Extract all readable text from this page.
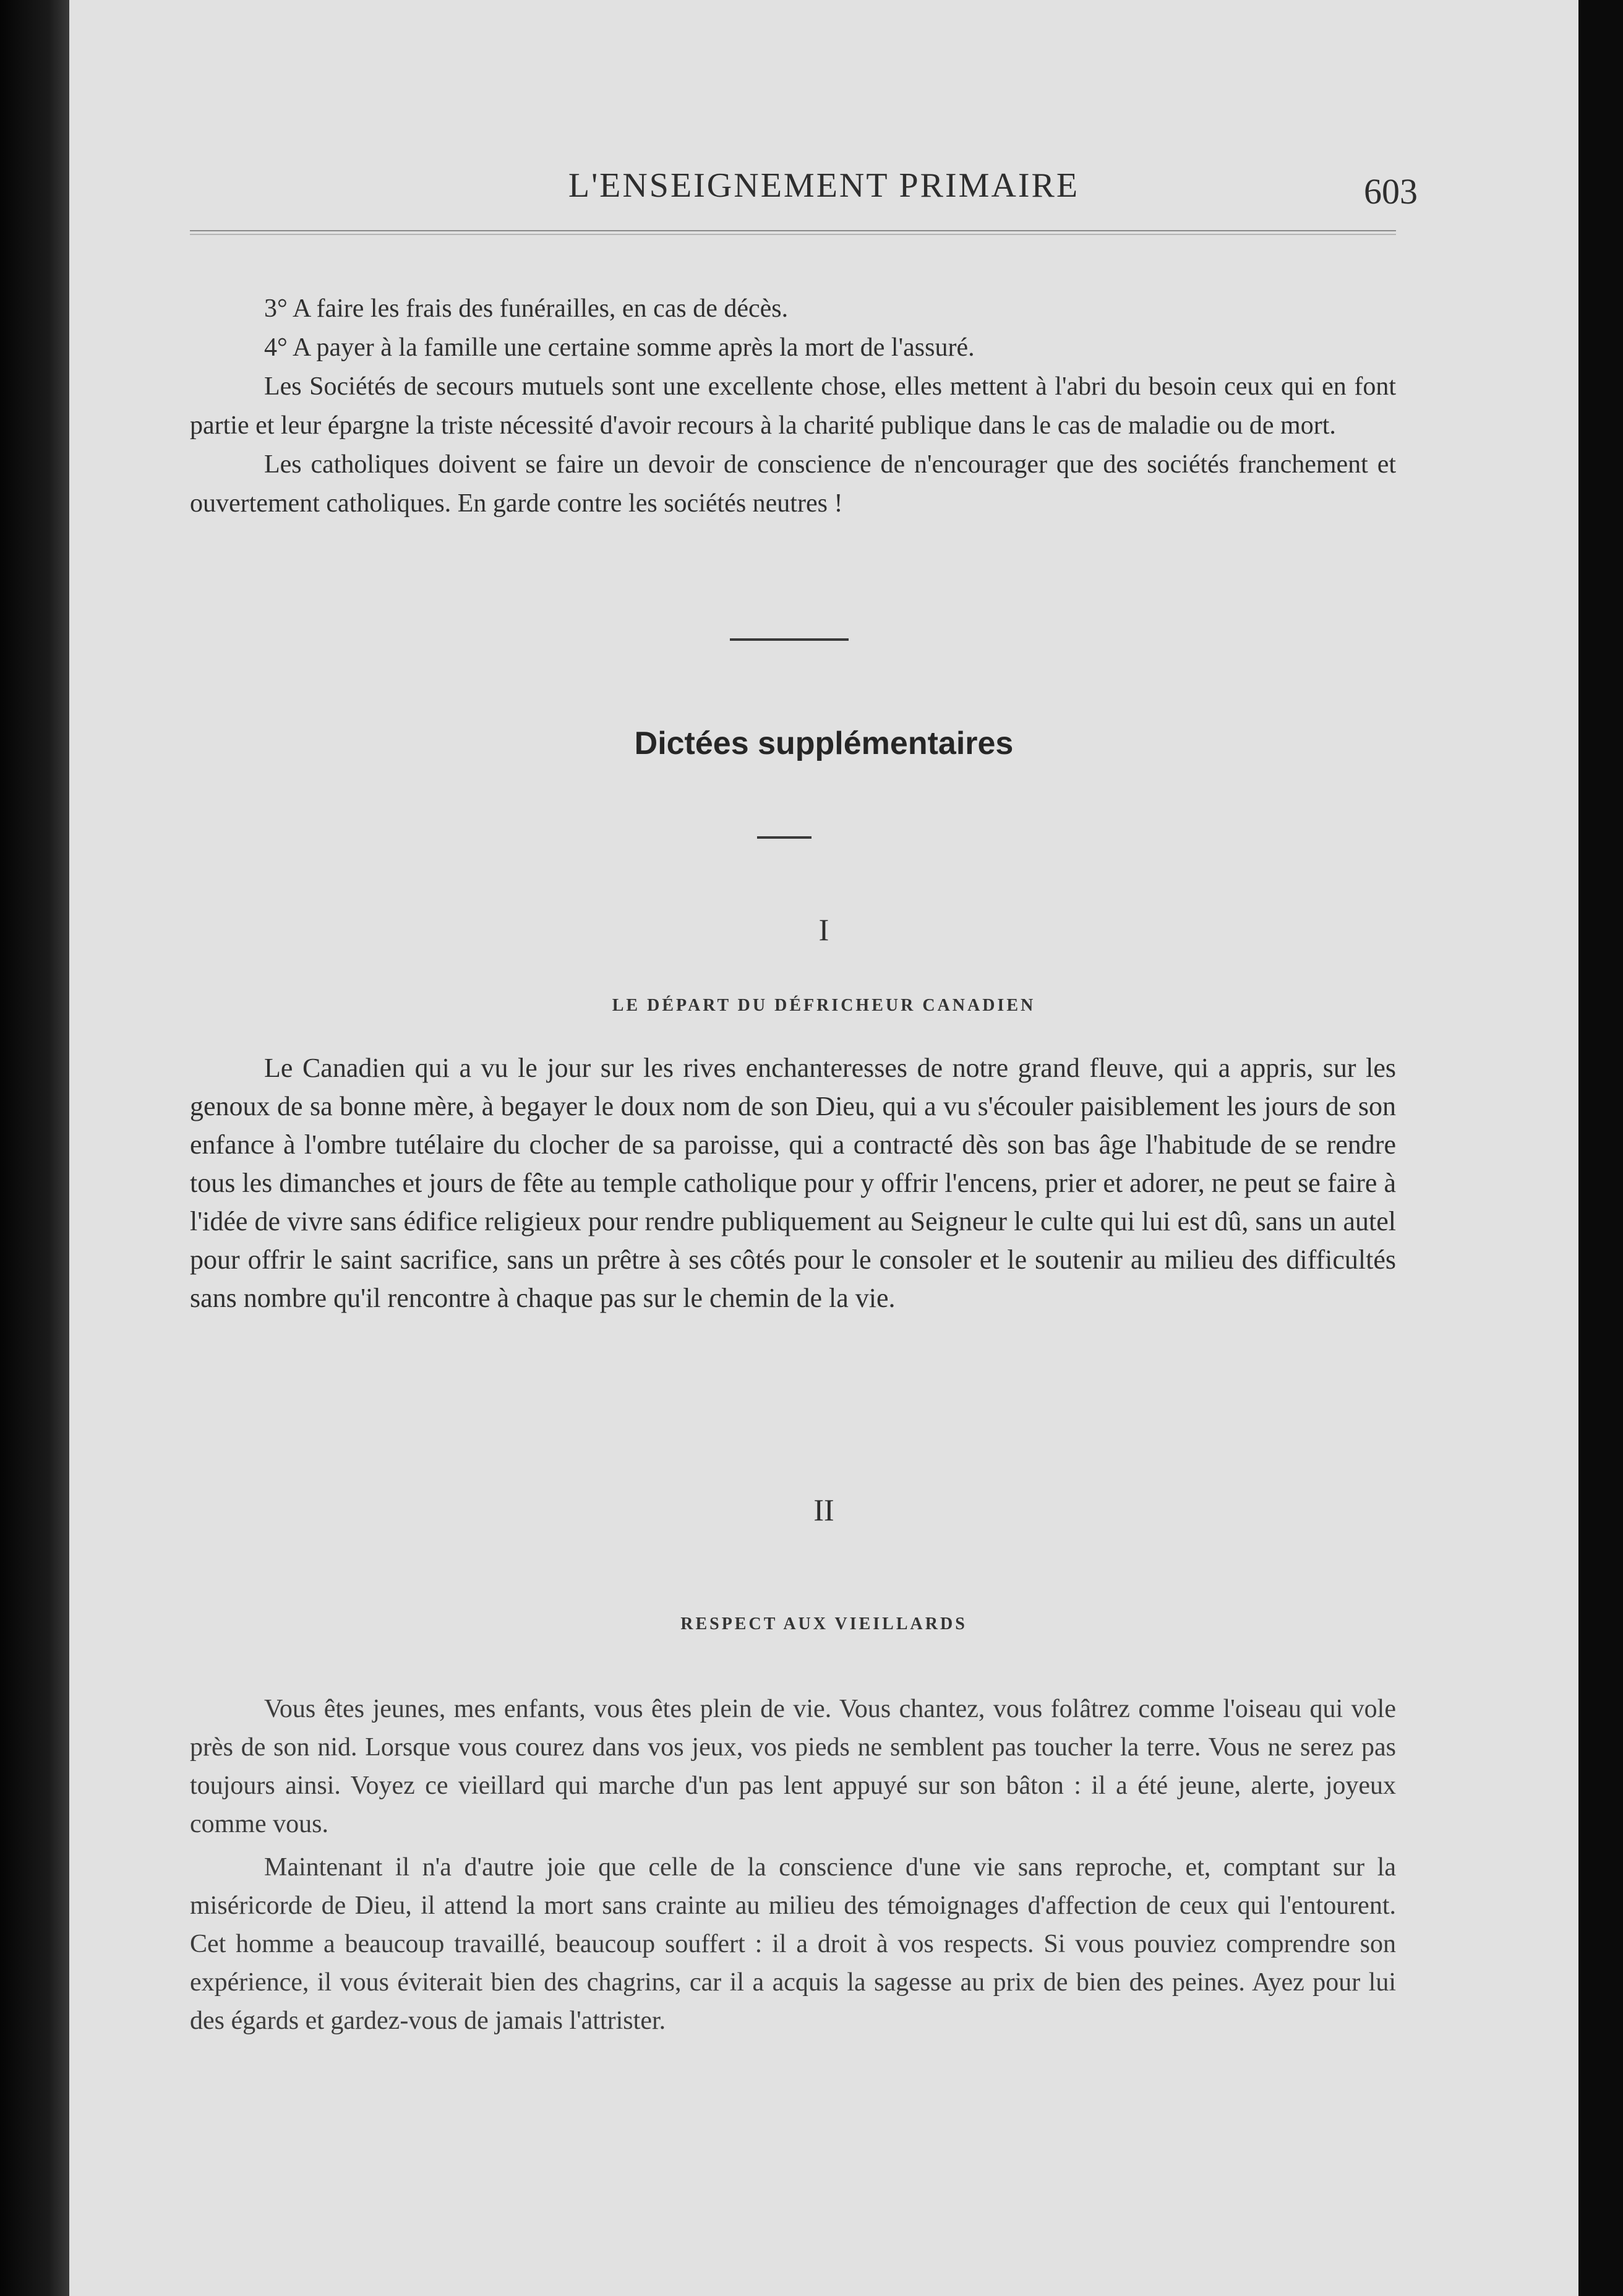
L'ENSEIGNEMENT PRIMAIRE	603

3° A faire les frais des funérailles, en cas de décès.

4° A payer à la famille une certaine somme après la mort de l'assuré.

Les Sociétés de secours mutuels sont une excellente chose, elles mettent à l'abri du besoin ceux qui en font partie et leur épargne la triste nécessité d'avoir recours à la charité publique dans le cas de maladie ou de mort.

Les catholiques doivent se faire un devoir de conscience de n'encourager que des sociétés franchement et ouvertement catholiques. En garde contre les sociétés neutres !

Dictées supplémentaires
I
LE DÉPART DU DÉFRICHEUR CANADIEN

Le Canadien qui a vu le jour sur les rives enchanteresses de notre grand fleuve, qui a appris, sur les genoux de sa bonne mère, à begayer le doux nom de son Dieu, qui a vu s'écouler paisiblement les jours de son enfance à l'ombre tutélaire du clocher de sa paroisse, qui a contracté dès son bas âge l'habitude de se rendre tous les dimanches et jours de fête au temple catholique pour y offrir l'encens, prier et adorer, ne peut se faire à l'idée de vivre sans édifice religieux pour rendre publiquement au Seigneur le culte qui lui est dû, sans un autel pour offrir le saint sacrifice, sans un prêtre à ses côtés pour le consoler et le soutenir au milieu des difficultés sans nombre qu'il rencontre à chaque pas sur le chemin de la vie.

II
RESPECT AUX VIEILLARDS

Vous êtes jeunes, mes enfants, vous êtes plein de vie. Vous chantez, vous folâtrez comme l'oiseau qui vole près de son nid. Lorsque vous courez dans vos jeux, vos pieds ne semblent pas toucher la terre. Vous ne serez pas toujours ainsi. Voyez ce vieillard qui marche d'un pas lent appuyé sur son bâton : il a été jeune, alerte, joyeux comme vous.

Maintenant il n'a d'autre joie que celle de la conscience d'une vie sans reproche, et, comptant sur la miséricorde de Dieu, il attend la mort sans crainte au milieu des témoignages d'affection de ceux qui l'entourent. Cet homme a beaucoup travaillé, beaucoup souffert : il a droit à vos respects. Si vous pouviez comprendre son expérience, il vous éviterait bien des chagrins, car il a acquis la sagesse au prix de bien des peines. Ayez pour lui des égards et gardez-vous de jamais l'attrister.
